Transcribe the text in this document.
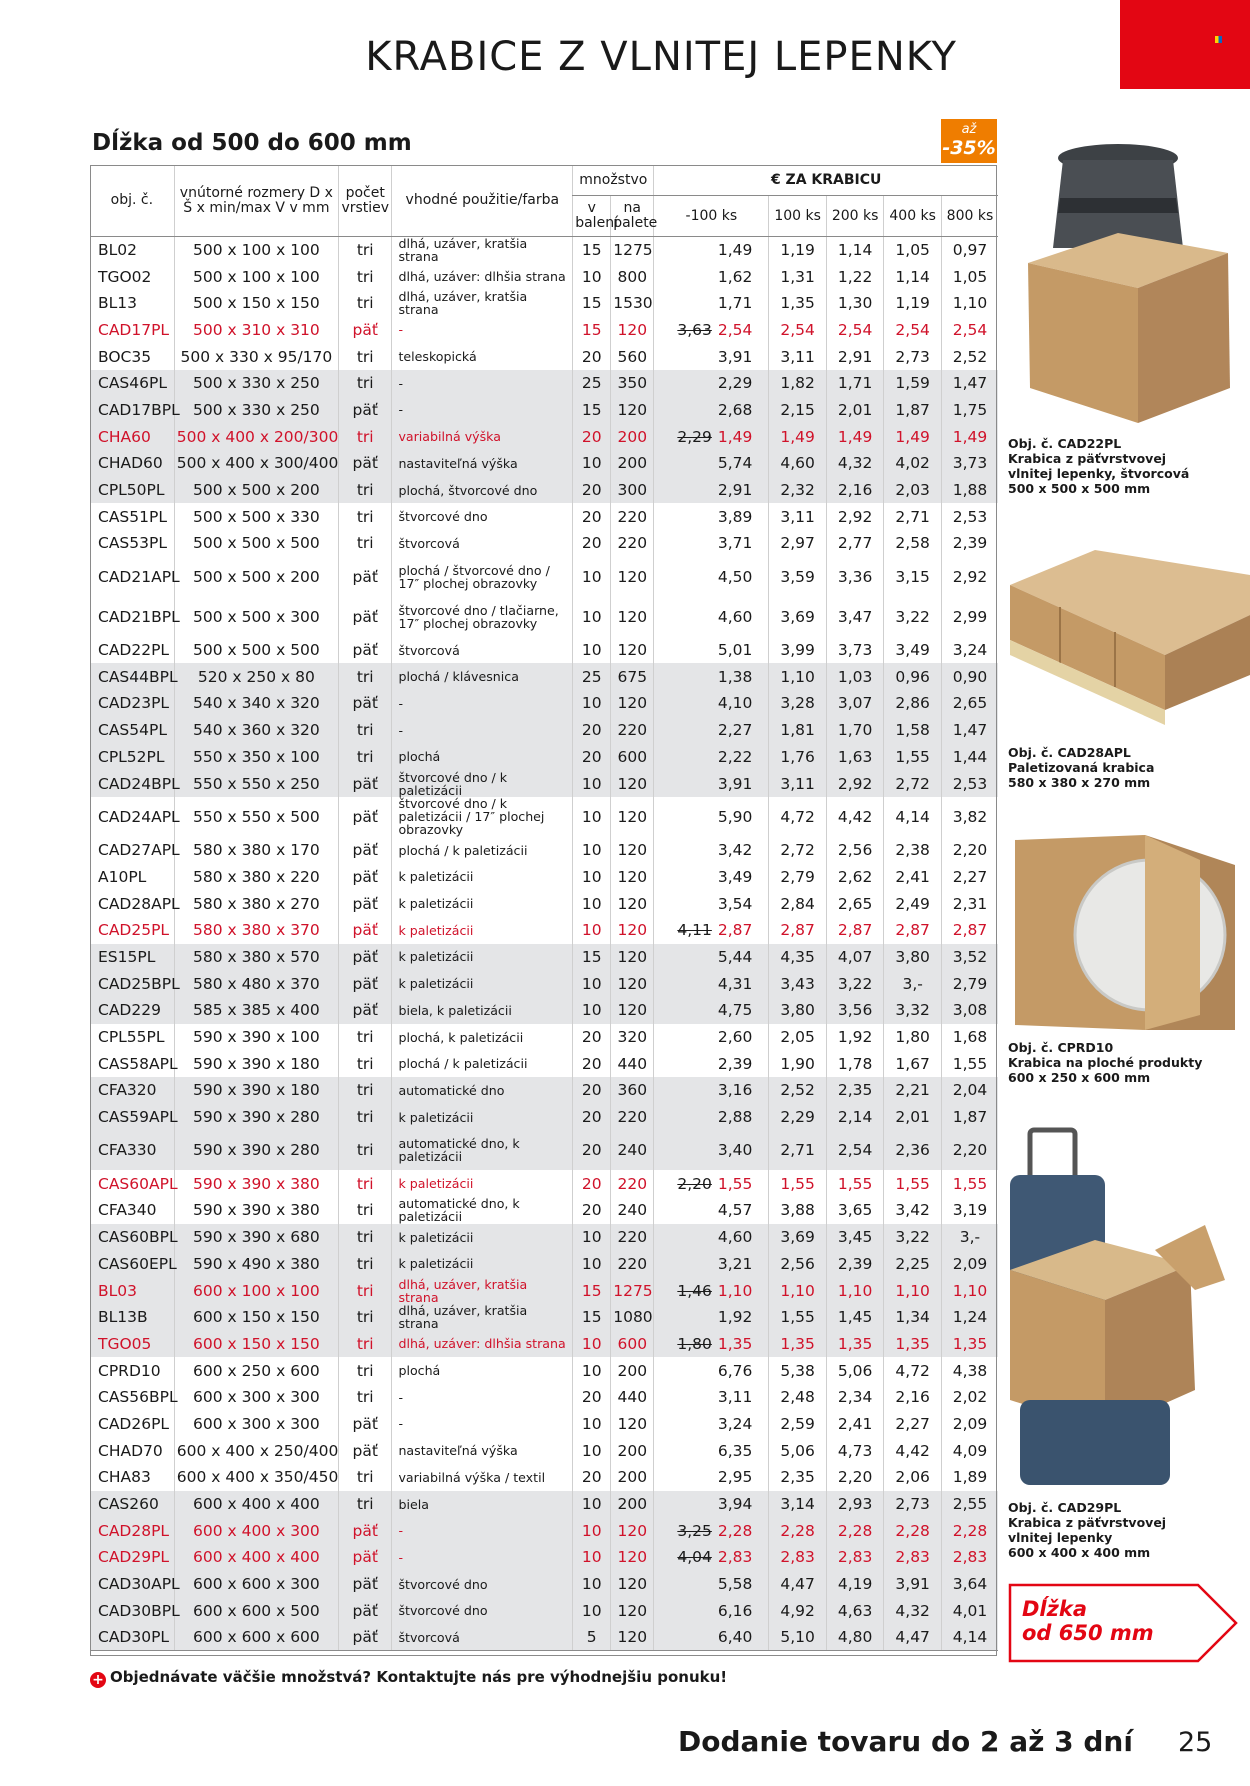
KRABICE Z VLNITEJ LEPENKY
Dĺžka od 500 do 600 mm
až
-35%
obj. č.	vnútorné rozmery D x Š x min/max V v mm	počet vrstiev	vhodné použitie/farba	množstvo		€ ZA KRABICU				
				v balení	na palete	-100 ks	100 ks	200 ks	400 ks	800 ks
BL02	500 x 100 x 100	tri	dlhá, uzáver, kratšia strana	15	1275	1,49	1,19	1,14	1,05	0,97
TGO02	500 x 100 x 100	tri	dlhá, uzáver: dlhšia strana	10	800	1,62	1,31	1,22	1,14	1,05
BL13	500 x 150 x 150	tri	dlhá, uzáver, kratšia strana	15	1530	1,71	1,35	1,30	1,19	1,10
CAD17PL	500 x 310 x 310	päť	-	15	120	3,63 2,54	2,54	2,54	2,54	2,54
BOC35	500 x 330 x 95/170	tri	teleskopická	20	560	3,91	3,11	2,91	2,73	2,52
CAS46PL	500 x 330 x 250	tri	-	25	350	2,29	1,82	1,71	1,59	1,47
CAD17BPL	500 x 330 x 250	päť	-	15	120	2,68	2,15	2,01	1,87	1,75
CHA60	500 x 400 x 200/300	tri	variabilná výška	20	200	2,29 1,49	1,49	1,49	1,49	1,49
CHAD60	500 x 400 x 300/400	päť	nastaviteľná výška	10	200	5,74	4,60	4,32	4,02	3,73
CPL50PL	500 x 500 x 200	tri	plochá, štvorcové dno	20	300	2,91	2,32	2,16	2,03	1,88
CAS51PL	500 x 500 x 330	tri	štvorcové dno	20	220	3,89	3,11	2,92	2,71	2,53
CAS53PL	500 x 500 x 500	tri	štvorcová	20	220	3,71	2,97	2,77	2,58	2,39
CAD21APL	500 x 500 x 200	päť	plochá / štvorcové dno / 17″ plochej obrazovky	10	120	4,50	3,59	3,36	3,15	2,92
CAD21BPL	500 x 500 x 300	päť	štvorcové dno / tlačiarne, 17″ plochej obrazovky	10	120	4,60	3,69	3,47	3,22	2,99
CAD22PL	500 x 500 x 500	päť	štvorcová	10	120	5,01	3,99	3,73	3,49	3,24
CAS44BPL	520 x 250 x 80	tri	plochá / klávesnica	25	675	1,38	1,10	1,03	0,96	0,90
CAD23PL	540 x 340 x 320	päť	-	10	120	4,10	3,28	3,07	2,86	2,65
CAS54PL	540 x 360 x 320	tri	-	20	220	2,27	1,81	1,70	1,58	1,47
CPL52PL	550 x 350 x 100	tri	plochá	20	600	2,22	1,76	1,63	1,55	1,44
CAD24BPL	550 x 550 x 250	päť	štvorcové dno / k paletizácii	10	120	3,91	3,11	2,92	2,72	2,53
CAD24APL	550 x 550 x 500	päť	štvorcové dno / k paletizácii / 17″ plochej obrazovky	10	120	5,90	4,72	4,42	4,14	3,82
CAD27APL	580 x 380 x 170	päť	plochá / k paletizácii	10	120	3,42	2,72	2,56	2,38	2,20
A10PL	580 x 380 x 220	päť	k paletizácii	10	120	3,49	2,79	2,62	2,41	2,27
CAD28APL	580 x 380 x 270	päť	k paletizácii	10	120	3,54	2,84	2,65	2,49	2,31
CAD25PL	580 x 380 x 370	päť	k paletizácii	10	120	4,11 2,87	2,87	2,87	2,87	2,87
ES15PL	580 x 380 x 570	päť	k paletizácii	15	120	5,44	4,35	4,07	3,80	3,52
CAD25BPL	580 x 480 x 370	päť	k paletizácii	10	120	4,31	3,43	3,22	3,-	2,79
CAD229	585 x 385 x 400	päť	biela, k paletizácii	10	120	4,75	3,80	3,56	3,32	3,08
CPL55PL	590 x 390 x 100	tri	plochá, k paletizácii	20	320	2,60	2,05	1,92	1,80	1,68
CAS58APL	590 x 390 x 180	tri	plochá / k paletizácii	20	440	2,39	1,90	1,78	1,67	1,55
CFA320	590 x 390 x 180	tri	automatické dno	20	360	3,16	2,52	2,35	2,21	2,04
CAS59APL	590 x 390 x 280	tri	k paletizácii	20	220	2,88	2,29	2,14	2,01	1,87
CFA330	590 x 390 x 280	tri	automatické dno, k paletizácii	20	240	3,40	2,71	2,54	2,36	2,20
CAS60APL	590 x 390 x 380	tri	k paletizácii	20	220	2,20 1,55	1,55	1,55	1,55	1,55
CFA340	590 x 390 x 380	tri	automatické dno, k paletizácii	20	240	4,57	3,88	3,65	3,42	3,19
CAS60BPL	590 x 390 x 680	tri	k paletizácii	10	220	4,60	3,69	3,45	3,22	3,-
CAS60EPL	590 x 490 x 380	tri	k paletizácii	10	220	3,21	2,56	2,39	2,25	2,09
BL03	600 x 100 x 100	tri	dlhá, uzáver, kratšia strana	15	1275	1,46 1,10	1,10	1,10	1,10	1,10
BL13B	600 x 150 x 150	tri	dlhá, uzáver, kratšia strana	15	1080	1,92	1,55	1,45	1,34	1,24
TGO05	600 x 150 x 150	tri	dlhá, uzáver: dlhšia strana	10	600	1,80 1,35	1,35	1,35	1,35	1,35
CPRD10	600 x 250 x 600	tri	plochá	10	200	6,76	5,38	5,06	4,72	4,38
CAS56BPL	600 x 300 x 300	tri	-	20	440	3,11	2,48	2,34	2,16	2,02
CAD26PL	600 x 300 x 300	päť	-	10	120	3,24	2,59	2,41	2,27	2,09
CHAD70	600 x 400 x 250/400	päť	nastaviteľná výška	10	200	6,35	5,06	4,73	4,42	4,09
CHA83	600 x 400 x 350/450	tri	variabilná výška / textil	20	200	2,95	2,35	2,20	2,06	1,89
CAS260	600 x 400 x 400	tri	biela	10	200	3,94	3,14	2,93	2,73	2,55
CAD28PL	600 x 400 x 300	päť	-	10	120	3,25 2,28	2,28	2,28	2,28	2,28
CAD29PL	600 x 400 x 400	päť	-	10	120	4,04 2,83	2,83	2,83	2,83	2,83
CAD30APL	600 x 600 x 300	päť	štvorcové dno	10	120	5,58	4,47	4,19	3,91	3,64
CAD30BPL	600 x 600 x 500	päť	štvorcové dno	10	120	6,16	4,92	4,63	4,32	4,01
CAD30PL	600 x 600 x 600	päť	štvorcová	5	120	6,40	5,10	4,80	4,47	4,14
Obj. č. CAD22PL
Krabica z päťvrstvovej
vlnitej lepenky, štvorcová
500 x 500 x 500 mm
Obj. č. CAD28APL
Paletizovaná krabica
580 x 380 x 270 mm
Obj. č. CPRD10
Krabica na ploché produkty
600 x 250 x 600 mm
Obj. č. CAD29PL
Krabica z päťvrstvovej
vlnitej lepenky
600 x 400 x 400 mm
Dĺžka
od 650 mm
+ Objednávate väčšie množstvá? Kontaktujte nás pre výhodnejšiu ponuku!
Dodanie tovaru do 2 až 3 dní 25
